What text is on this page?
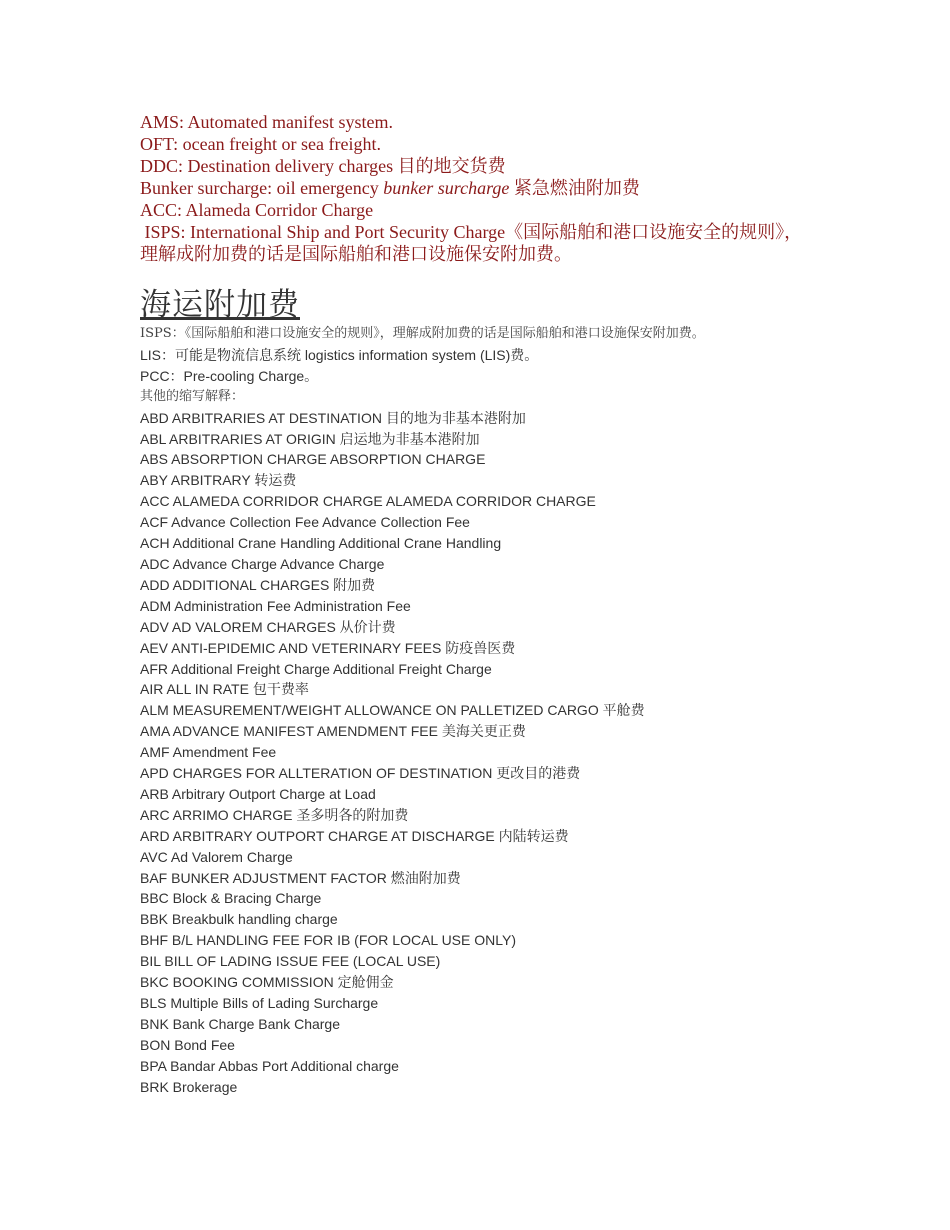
AMS: Automated manifest system.
OFT: ocean freight or sea freight.
DDC: Destination delivery charges 目的地交货费
Bunker surcharge: oil emergency bunker surcharge 紧急燃油附加费
ACC: Alameda Corridor Charge
ISPS: International Ship and Port Security Charge《国际船舶和港口设施安全的规则》，理解成附加费的话是国际船舶和港口设施保安附加费。
海运附加费
ISPS：《国际船舶和港口设施安全的规则》，理解成附加费的话是国际船舶和港口设施保安附加费。
LIS：可能是物流信息系统 logistics information system (LIS)费。
PCC：Pre-cooling Charge。
其他的缩写解释：
ABD ARBITRARIES AT DESTINATION 目的地为非基本港附加
ABL ARBITRARIES AT ORIGIN 启运地为非基本港附加
ABS ABSORPTION CHARGE ABSORPTION CHARGE
ABY ARBITRARY 转运费
ACC ALAMEDA CORRIDOR CHARGE ALAMEDA CORRIDOR CHARGE
ACF Advance Collection Fee Advance Collection Fee
ACH Additional Crane Handling Additional Crane Handling
ADC Advance Charge Advance Charge
ADD ADDITIONAL CHARGES 附加费
ADM Administration Fee Administration Fee
ADV AD VALOREM CHARGES 从价计费
AEV ANTI-EPIDEMIC AND VETERINARY FEES 防疫兽医费
AFR Additional Freight Charge Additional Freight Charge
AIR ALL IN RATE 包干费率
ALM MEASUREMENT/WEIGHT ALLOWANCE ON PALLETIZED CARGO 平舱费
AMA ADVANCE MANIFEST AMENDMENT FEE 美海关更正费
AMF Amendment Fee
APD CHARGES FOR ALLTERATION OF DESTINATION 更改目的港费
ARB Arbitrary Outport Charge at Load
ARC ARRIMO CHARGE 圣多明各的附加费
ARD ARBITRARY OUTPORT CHARGE AT DISCHARGE 内陆转运费
AVC Ad Valorem Charge
BAF BUNKER ADJUSTMENT FACTOR 燃油附加费
BBC Block & Bracing Charge
BBK Breakbulk handling charge
BHF B/L HANDLING FEE FOR IB (FOR LOCAL USE ONLY)
BIL BILL OF LADING ISSUE FEE (LOCAL USE)
BKC BOOKING COMMISSION 定舱佣金
BLS Multiple Bills of Lading Surcharge
BNK Bank Charge Bank Charge
BON Bond Fee
BPA Bandar Abbas Port Additional charge
BRK Brokerage
